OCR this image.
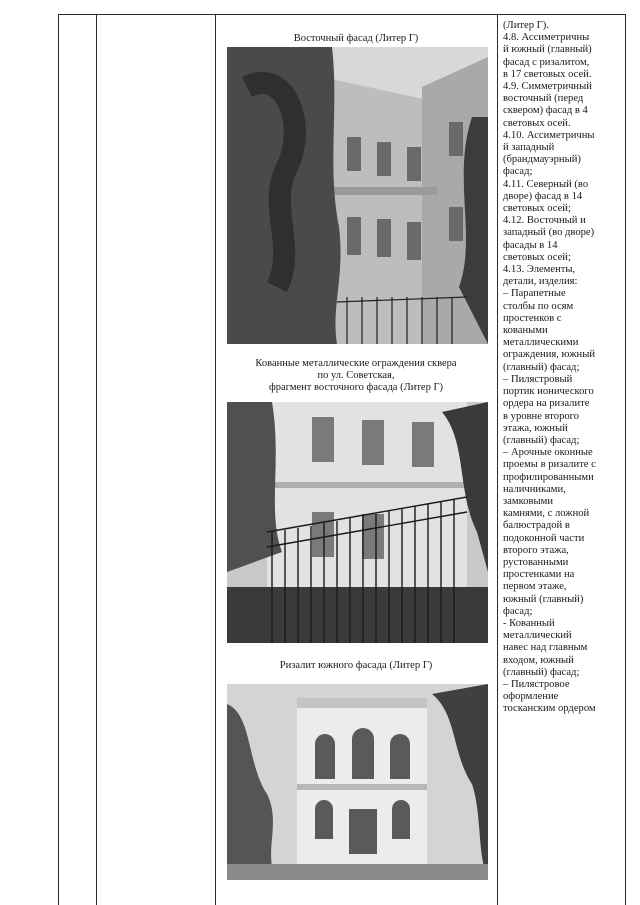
Восточный фасад (Литер Г)
Кованные металлические ограждения сквера
по ул. Советская,
фрагмент восточного фасада (Литер Г)
Ризалит южного фасада (Литер Г)
(Литер Г).
4.8. Ассиметричны
й южный (главный)
фасад с ризалитом,
в 17 световых осей.
4.9. Симметричный
восточный (перед
сквером) фасад в 4
световых осей.
4.10. Ассиметричны
й западный
(брандмауэрный)
фасад;
4.11. Северный (во
дворе) фасад в 14
световых осей;
4.12. Восточный и
западный (во дворе)
фасады в 14
световых осей;
4.13. Элементы,
детали, изделия:
– Парапетные
столбы по осям
простенков с
коваными
металлическими
ограждения, южный
(главный) фасад;
– Пилястровый
портик ионического
ордера на ризалите
в уровне второго
этажа, южный
(главный) фасад;
– Арочные оконные
проемы в ризалите с
профилированными
наличниками,
замковыми
камнями, с ложной
балюстрадой в
подоконной части
второго этажа,
рустованными
простенками на
первом этаже,
южный (главный)
фасад;
- Кованный
металлический
навес над главным
входом, южный
(главный) фасад;
– Пилястровое
оформление
тосканским ордером
